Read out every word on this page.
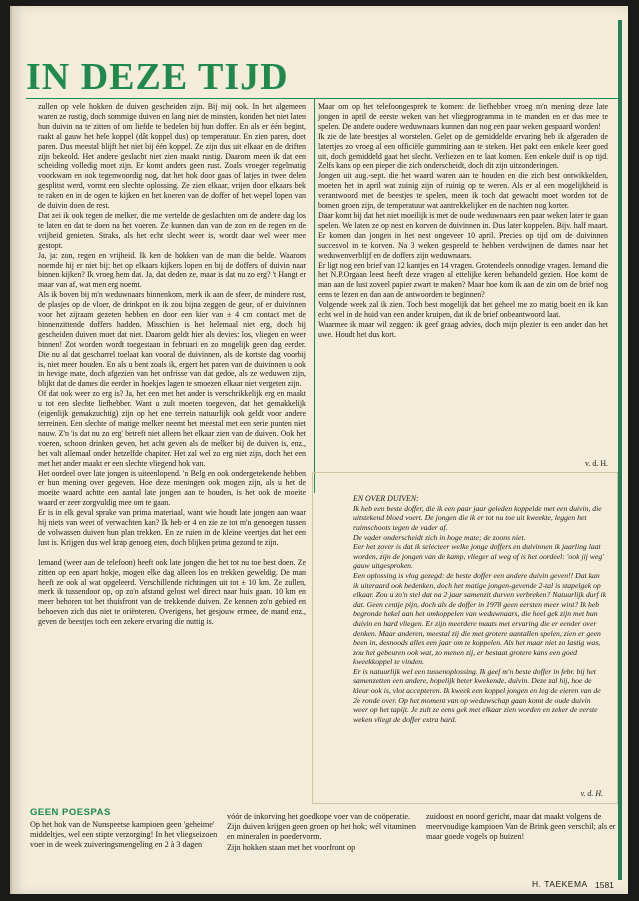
IN DEZE TIJD
zullen op vele hokken de duiven gescheiden zijn. Bij mij ook. In het algemeen waren ze rustig, doch sommige duiven en lang niet de minsten, konden het niet laten hun duivin na te zitten of om liefde te bedelen bij hun doffer. En als er één begint, raakt al gauw het hele koppel (dât koppel dus) op temperatuur. En zien paren, doet paren. Dus meestal blijft het niet bij één koppel. Ze zijn dus uit elkaar en de driften zijn bekeold. Het andere geslacht niet zien maakt rustig. Daarom meen ik dat een scheiding volledig moet zijn. Er komt anders geen rust. Zoals vroeger regelmatig voorkwam en ook tegenwoordig nog, dat het hok door gaas of latjes in twee delen gesplitst werd, vormt een slechte oplossing. Ze zien elkaar, vrijen door elkaars bek te raken en in de ogen te kijken en het koeren van de doffer of het wepel lopen van de duivin doen de rest.
Dat zei ik ook tegen de melker, die me vertelde de geslachten om de andere dag los te laten en dat te doen na het voeren. Ze kunnen dan van de zon en de regen en de vrijheid genieten. Straks, als het echt slecht weer is, wordt daar wel weer mee gestopt.
Ja, ja: zon, regen en vrijheid. Ik ken de hokken van de man die belde. Waarom noemde hij er niet bij: het op elkaars kijkers lopen en bij de doffers of duivin naar binnen kijken? Ik vroeg hem dat. Ja, dat deden ze, maar is dat nu zo erg? 't Hangt er maar van af, wat men erg noemt.
Als ik boven bij m'n weduwnaars binnenkom, merk ik aan de sfeer, de mindere rust, de plasjes op de vloer, de drinkpot en ik zou bijna zeggen de geur, of er duivinnen voor het zijraam gezeten hebben en door een kier van ± 4 cm contact met de binnenzittende doffers hadden. Misschien is het helemaal niet erg, doch bij gescheiden duiven moet dat niet. Daarom geldt hier als devies: los, vliegen en weer binnen! Zot worden wordt toegestaan in februari en zo mogelijk geen dag eerder. Die nu al dat gescharrel toelaat kan vooral de duivinnen, als de kortste dag voorbij is, niet meer houden. En als u bent zoals ik, ergert het paren van de duivinnen u ook in hevige mate, doch afgezien van het onfrisse van dat gedoe, als ze weduwen zijn, blijkt dat de dames die eerder in hoekjes lagen te smoezen elkaar niet vergeten zijn.
Of dat ook weer zo erg is? Ja, het een met het ander is verschrikkelijk erg en maakt u tot een slechte liefhebber. Want u zult moeten toegeven, dat het gemakkelijk (eigenlijk gemakzuchtig) zijn op het ene terrein natuurlijk ook geldt voor andere terreinen. Een slechte of matige melker neemt het meestal met een serie punten niet nauw. Z'n 'is dat nu zo erg' betreft niet alleen het elkaar zien van de duiven. Ook het voeren, schoon drinken geven, het acht geven als de melker bij de duiven is, enz., het valt allemaal onder hetzelfde chapiter. Het zal wel zo erg niet zijn, doch het een met het ander maakt er een slechte vliegend hok van.
Het oordeel over late jongen is uiteenlopend. 'n Belg en ook ondergetekende hebben er hun mening over gegeven. Hoe deze meningen ook mogen zijn, als u het de moeite waard achtte een aantal late jongen aan te houden, is het ook de moeite waard er zeer zorgvuldig mee om te gaan.
Er is in elk geval sprake van prima materiaal, want wie houdt late jongen aan waar hij niets van weet of verwachten kan? Ik heb er 4 en zie ze tot m'n genoegen tussen de volwassen duiven hun plan trekken. En ze ruien in de kleine veertjes dat het een lust is. Krijgen dus wel krap genoeg eten, doch blijken prima gezond te zijn.

Iemand (weer aan de telefoon) heeft ook late jongen die het tot nu toe best doen. Ze zitten op een apart hokje, mogen elke dag alleen los en trekken geweldig. De man heeft ze ook al wat opgeleerd. Verschillende richtingen uit tot ± 10 km. Ze zullen, merk ik tussendoor op, op zo'n afstand gelost wel direct naar huis gaan. 10 km en meer behoren tot het thuisfront van de trekkende duiven. Ze kennen zo'n gebied en behoeven zich dus niet te oriënteren. Overigens, het gesjouw ermee, de mand enz., geven de beestjes toch een zekere ervaring die nuttig is.
Maar om op het telefoongesprek te komen: de liefhebber vroeg m'n mening deze late jongen in april de eerste weken van het vliegprogramma in te manden en er dus mee te spelen. De andere oudere weduwnaars kunnen dan nog een paar weken gespaard worden!
Ik zie de late beestjes al worstelen. Gelet op de gemiddelde ervaring heb ik afgeraden de latertjes zo vroeg al een officiële gummiring aan te steken. Het pakt een enkele keer goed uit, doch gemiddeld gaat het slecht. Verliezen en te laat komen. Een enkele duif is op tijd. Zelfs kans op een pieper die zich onderscheidt, doch dit zijn uitzonderingen.
Jongen uit aug.-sept. die het waard waren aan te houden en die zich best ontwikkelden, moeten het in april wat zuinig zijn of ruinig op te weren. Als er al een mogelijkheid is verantwoord met de beestjes te spelen, meen ik toch dat gewacht moet worden tot de bomen groen zijn, de temperatuur wat aantrekkelijker en de nachten nog korter.
Daar komt bij dat het niet moeilijk is met de oude weduwnaars een paar weken later te gaan spelen. We laten ze op nest en korven de duivinnen in. Dus later koppelen. Bijv. half maart. Er komen dan jongen in het nest ongeveer 10 april. Precies op tijd om de duivinnen succesvol in te korven. Na 3 weken gespeeld te hebben verdwijnen de dames naar het weduwenverblijf en de doffers zijn weduwnaars.
Er ligt nog een brief van 12 kantjes en 14 vragen. Grotendeels onnodige vragen. Iemand die het N.P.Orgaan leest heeft deze vragen al ettelijke keren behandeld gezien. Hoe komt de man aan de lust zoveel papier zwart te maken? Maar hoe kom ik aan de zin om de brief nog eens te lezen en dan aan de antwoorden te beginnen?
Volgende week zal ik zien. Toch best mogelijk dat het geheel me zo matig boeit en ik kan echt wel in de huid van een ander kruipen, dat ik de brief onbeantwoord laat.
Waarmee ik maar wil zeggen: ik geef graag advies, doch mijn plezier is een ander dan het uwe. Houdt het dus kort.
v. d. H.

EN OVER DUIVEN:
Ik heb een beste doffer, die ik een paar jaar geleden koppelde met een duivin, die uitstekend bloed voert. De jongen die ik er tot nu toe uit kweekte, leggen het ruimschoots tegen de vader af.
De vader onderscheidt zich in hoge mate; de zoons niet.
Eer het zover is dat ik selecteer welke jonge doffers en duivinnen ik jaarling laat worden, zijn de jongen van de kamp, vlieger al weg of is het oordeel: 'ook jij weg' gauw uitgesproken.
Een oplossing is vlug gezegd: de beste doffer een andere duivin geven!! Dat kan ik uiteraard ook bedenken, doch het matige jongen-gevende 2-tal is stapelgek op elkaar. Zou u zo'n stel dat na 2 jaar samenzit durven verbreken? Natuurlijk durf ik dat. Geen centje pijn, doch als de doffer in 1978 geen eersten meer wint? Ik heb begronde hekel aan het omkoppelen van weduwnaars, die heel gek zijn met hun duivin en hard vliegen. Er zijn meerdere maats met ervaring die er eender over denken. Maar anderen, meestal zij die met grotere aantallen spelen, zien er geen been in, desnoods alles een jaar om te koppelen. Als het maar niet zo lastig was, zou het gebeuren ook wat, zo menen zij, er bestaat grotere kans een goed kweekkoppel te vinden.
Er is natuurlijk wel een tussenoplossing. Ik geef m'n beste doffer in febr. bij het samenzetten een andere, hopelijk beter kwekende, duivin. Deze zal hij, hoe de kleur ook is, vlot accepteren. Ik kweek een koppel jongen en leg de eieren van de 2e ronde over. Op het moment van op weduwschap gaan komt de oude duivin weer op het tapijt. Je zult ze eens gek met elkaar zien worden en zeker de eerste weken vliegt de doffer extra hard.

v. d. H.
GEEN POESPAS
Op het hok van de Nunspeetse kampioen geen 'geheime' middeltjes, wel een stipte verzorging! In het vliegseizoen voer in de week zuiveringsmengeling en 2 à 3 dagen
vóór de inkorving het goedkope voer van de coöperatie.
Zijn duiven krijgen geen groen op het hok; wél vitaminen en mineralen in poedervorm.
Zijn hokken staan met het voorfront op
zuidoost en noord gericht, maar dat maakt volgens de meervoudige kampioen Van de Brink geen verschil; als er maar goede vogels op huizen!
H. TAEKEMA 1581
